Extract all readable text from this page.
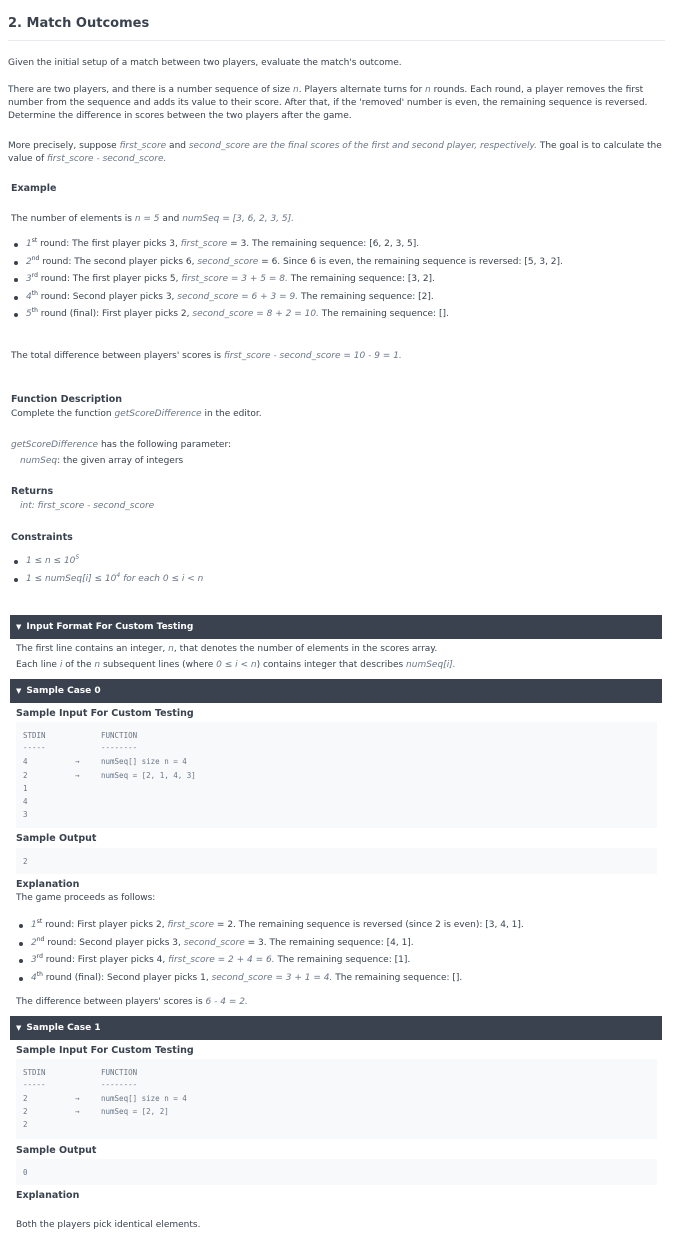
2. Match Outcomes

Given the initial setup of a match between two players, evaluate the match's outcome.

There are two players, and there is a number sequence of size n. Players alternate turns for n rounds. Each round, a player removes the first number from the sequence and adds its value to their score. After that, if the 'removed' number is even, the remaining sequence is reversed. Determine the difference in scores between the two players after the game.

More precisely, suppose first_score and second_score are the final scores of the first and second player, respectively. The goal is to calculate the value of first_score - second_score.

Example

The number of elements is n = 5 and numSeq = [3, 6, 2, 3, 5].

1st round: The first player picks 3, first_score = 3. The remaining sequence: [6, 2, 3, 5].
2nd round: The second player picks 6, second_score = 6. Since 6 is even, the remaining sequence is reversed: [5, 3, 2].
3rd round: The first player picks 5, first_score = 3 + 5 = 8. The remaining sequence: [3, 2].
4th round: Second player picks 3, second_score = 6 + 3 = 9. The remaining sequence: [2].
5th round (final): First player picks 2, second_score = 8 + 2 = 10. The remaining sequence: [].

The total difference between players' scores is first_score - second_score = 10 - 9 = 1.

Function Description

Complete the function getScoreDifference in the editor.

getScoreDifference has the following parameter:

numSeq: the given array of integers

Returns

int: first_score - second_score

Constraints
$1 \le n \le 10^5$
1 ≤ numSeq[i] ≤ $10^4$ for each 0 ≤ i < n
▼ Input Format For Custom Testing

The first line contains an integer, n, that denotes the number of elements in the scores array.

Each line i of the n subsequent lines (where 0 ≤ i < n) contains integer that describes numSeq[i].

▼ Sample Case 0
Sample Input For Custom Testing
STDIN	FUNCTION
-----	--------
4	→	numSeq[] size n = 4
2	→	numSeq = [2, 1, 4, 3]
1
4
3
Sample Output
2
Explanation

The game proceeds as follows:

1st round: First player picks 2, first_score = 2. The remaining sequence is reversed (since 2 is even): [3, 4, 1].
2nd round: Second player picks 3, second_score = 3. The remaining sequence: [4, 1].
3rd round: First player picks 4, first_score = 2 + 4 = 6. The remaining sequence: [1].
4th round (final): Second player picks 1, second_score = 3 + 1 = 4. The remaining sequence: [].

The difference between players' scores is 6 - 4 = 2.

▼ Sample Case 1
Sample Input For Custom Testing
STDIN	FUNCTION
-----	--------
2	→	numSeq[] size n = 4
2	→	numSeq = [2, 2]
2
Sample Output
0
Explanation

Both the players pick identical elements.
